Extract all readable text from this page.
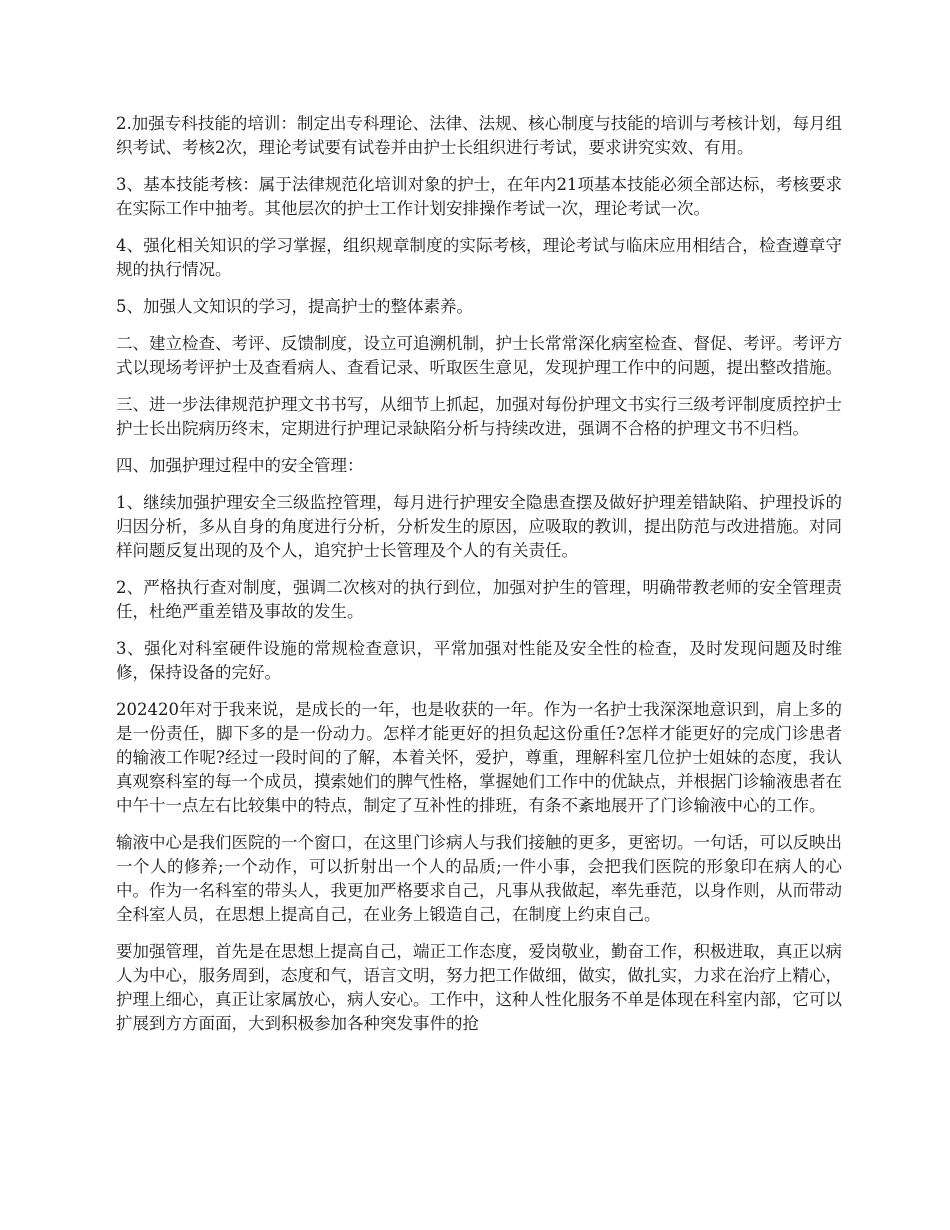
2.加强专科技能的培训：制定出专科理论、法律、法规、核心制度与技能的培训与考核计划，每月组织考试、考核2次，理论考试要有试卷并由护士长组织进行考试，要求讲究实效、有用。

3、基本技能考核：属于法律规范化培训对象的护士，在年内21项基本技能必须全部达标，考核要求在实际工作中抽考。其他层次的护士工作计划安排操作考试一次，理论考试一次。

4、强化相关知识的学习掌握，组织规章制度的实际考核，理论考试与临床应用相结合，检查遵章守规的执行情况。

5、加强人文知识的学习，提高护士的整体素养。

二、建立检查、考评、反馈制度，设立可追溯机制，护士长常常深化病室检查、督促、考评。考评方式以现场考评护士及查看病人、查看记录、听取医生意见，发现护理工作中的问题，提出整改措施。

三、进一步法律规范护理文书书写，从细节上抓起，加强对每份护理文书实行三级考评制度质控护士护士长出院病历终末，定期进行护理记录缺陷分析与持续改进，强调不合格的护理文书不归档。

四、加强护理过程中的安全管理：

1、继续加强护理安全三级监控管理，每月进行护理安全隐患查摆及做好护理差错缺陷、护理投诉的归因分析，多从自身的角度进行分析，分析发生的原因，应吸取的教训，提出防范与改进措施。对同样问题反复出现的及个人，追究护士长管理及个人的有关责任。

2、严格执行查对制度，强调二次核对的执行到位，加强对护生的管理，明确带教老师的安全管理责任，杜绝严重差错及事故的发生。

3、强化对科室硬件设施的常规检查意识，平常加强对性能及安全性的检查，及时发现问题及时维修，保持设备的完好。

202420年对于我来说，是成长的一年，也是收获的一年。作为一名护士我深深地意识到，肩上多的是一份责任，脚下多的是一份动力。怎样才能更好的担负起这份重任?怎样才能更好的完成门诊患者的输液工作呢?经过一段时间的了解，本着关怀，爱护，尊重，理解科室几位护士姐妹的态度，我认真观察科室的每一个成员，摸索她们的脾气性格，掌握她们工作中的优缺点，并根据门诊输液患者在中午十一点左右比较集中的特点，制定了互补性的排班，有条不紊地展开了门诊输液中心的工作。

输液中心是我们医院的一个窗口，在这里门诊病人与我们接触的更多，更密切。一句话，可以反映出一个人的修养;一个动作，可以折射出一个人的品质;一件小事，会把我们医院的形象印在病人的心中。作为一名科室的带头人，我更加严格要求自己，凡事从我做起，率先垂范，以身作则，从而带动全科室人员，在思想上提高自己，在业务上锻造自己，在制度上约束自己。

要加强管理，首先是在思想上提高自己，端正工作态度，爱岗敬业，勤奋工作，积极进取，真正以病人为中心，服务周到，态度和气，语言文明，努力把工作做细，做实，做扎实，力求在治疗上精心，护理上细心，真正让家属放心，病人安心。工作中，这种人性化服务不单是体现在科室内部，它可以扩展到方方面面，大到积极参加各种突发事件的抢
